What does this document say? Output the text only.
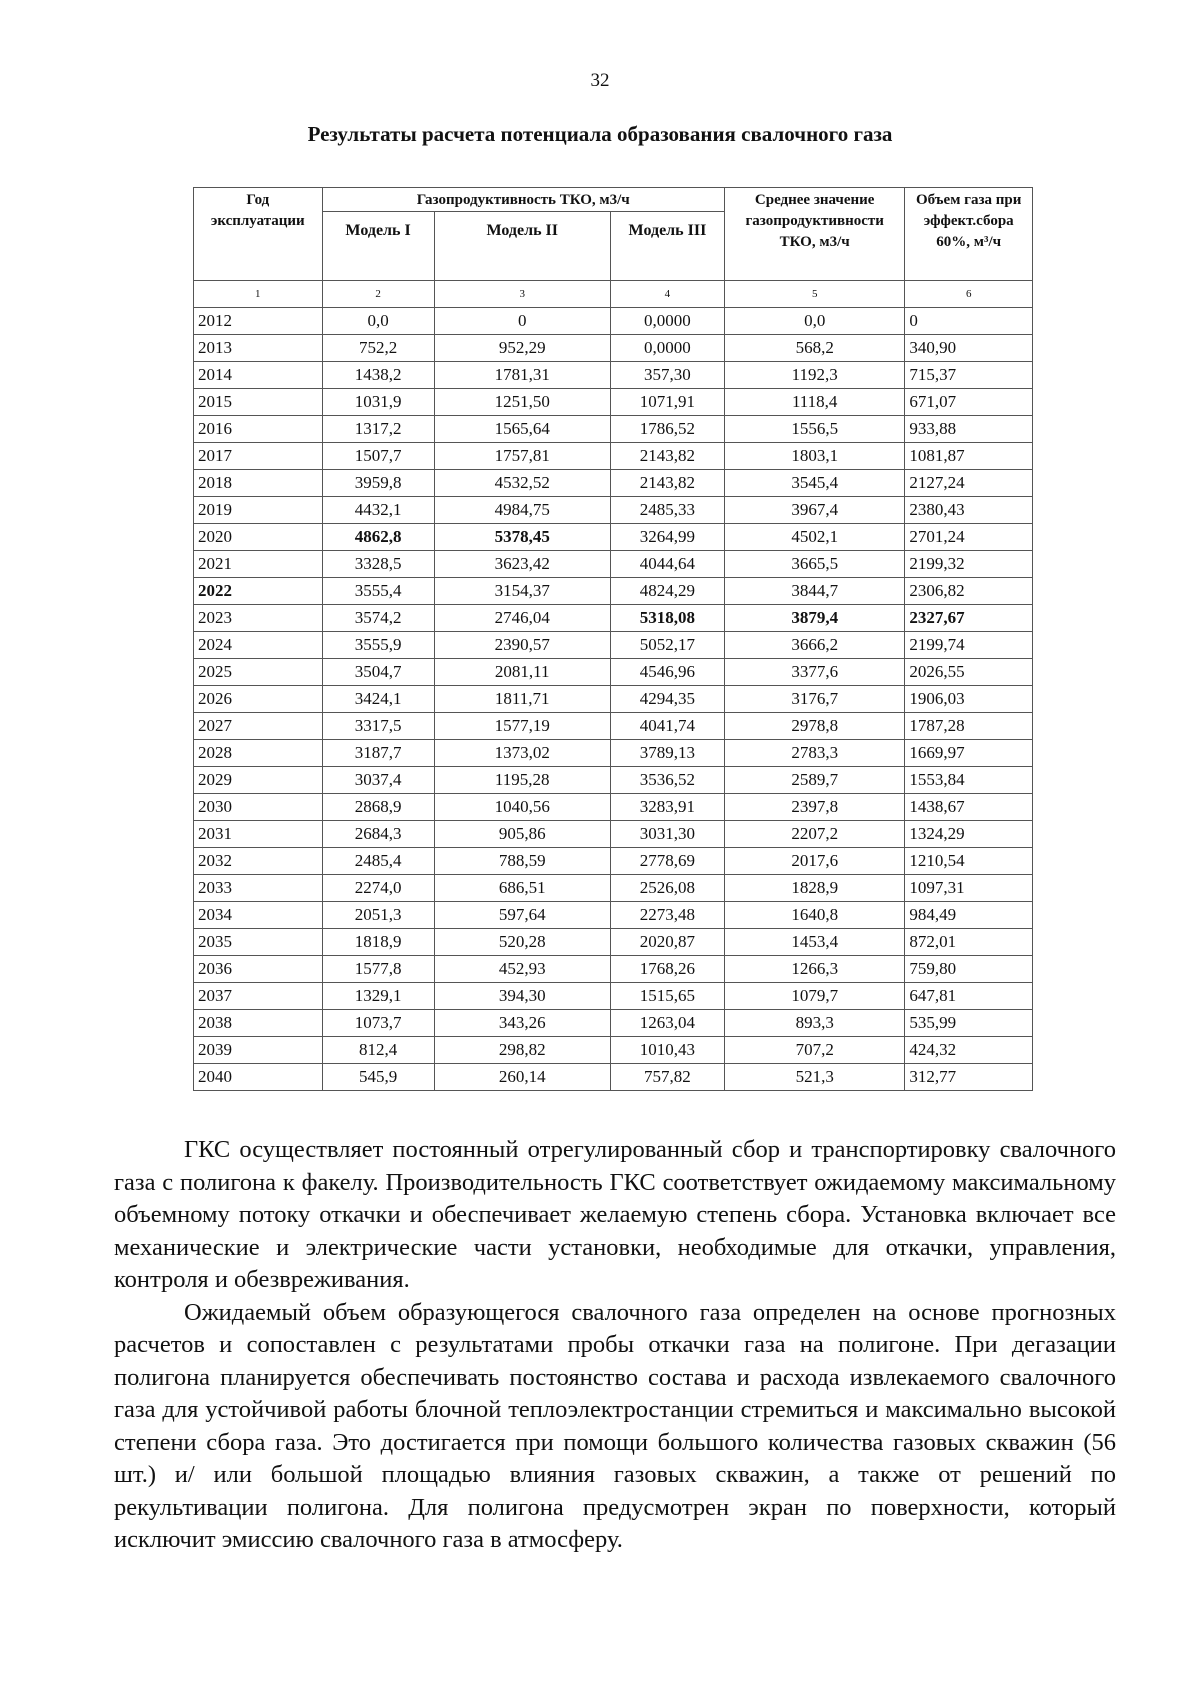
32
Результаты расчета потенциала образования свалочного газа
Год эксплуатации	Газопродуктивность ТКО, м3/ч			Среднее значение газопродуктивности ТКО, м3/ч	Объем газа при эффект.сбора 60%, м³/ч
	Модель I	Модель II	Модель III		
1	2	3	4	5	6
2012	0,0	0	0,0000	0,0	0
2013	752,2	952,29	0,0000	568,2	340,90
2014	1438,2	1781,31	357,30	1192,3	715,37
2015	1031,9	1251,50	1071,91	1118,4	671,07
2016	1317,2	1565,64	1786,52	1556,5	933,88
2017	1507,7	1757,81	2143,82	1803,1	1081,87
2018	3959,8	4532,52	2143,82	3545,4	2127,24
2019	4432,1	4984,75	2485,33	3967,4	2380,43
2020	4862,8	5378,45	3264,99	4502,1	2701,24
2021	3328,5	3623,42	4044,64	3665,5	2199,32
2022	3555,4	3154,37	4824,29	3844,7	2306,82
2023	3574,2	2746,04	5318,08	3879,4	2327,67
2024	3555,9	2390,57	5052,17	3666,2	2199,74
2025	3504,7	2081,11	4546,96	3377,6	2026,55
2026	3424,1	1811,71	4294,35	3176,7	1906,03
2027	3317,5	1577,19	4041,74	2978,8	1787,28
2028	3187,7	1373,02	3789,13	2783,3	1669,97
2029	3037,4	1195,28	3536,52	2589,7	1553,84
2030	2868,9	1040,56	3283,91	2397,8	1438,67
2031	2684,3	905,86	3031,30	2207,2	1324,29
2032	2485,4	788,59	2778,69	2017,6	1210,54
2033	2274,0	686,51	2526,08	1828,9	1097,31
2034	2051,3	597,64	2273,48	1640,8	984,49
2035	1818,9	520,28	2020,87	1453,4	872,01
2036	1577,8	452,93	1768,26	1266,3	759,80
2037	1329,1	394,30	1515,65	1079,7	647,81
2038	1073,7	343,26	1263,04	893,3	535,99
2039	812,4	298,82	1010,43	707,2	424,32
2040	545,9	260,14	757,82	521,3	312,77

ГКС осуществляет постоянный отрегулированный сбор и транспортировку свалочного газа с полигона к факелу. Производительность ГКС соответствует ожидаемому максимальному объемному потоку откачки и обеспечивает желаемую степень сбора. Установка включает все механические и электрические части установки, необходимые для откачки, управления, контроля и обезвреживания.

Ожидаемый объем образующегося свалочного газа определен на основе прогнозных расчетов и сопоставлен с результатами пробы откачки газа на полигоне. При дегазации полигона планируется обеспечивать постоянство состава и расхода извлекаемого свалочного газа для устойчивой работы блочной теплоэлектростанции стремиться и максимально высокой степени сбора газа. Это достигается при помощи большого количества газовых скважин (56 шт.) и/ или большой площадью влияния газовых скважин, а также от решений по рекультивации полигона. Для полигона предусмотрен экран по поверхности, который исключит эмиссию свалочного газа в атмосферу.
